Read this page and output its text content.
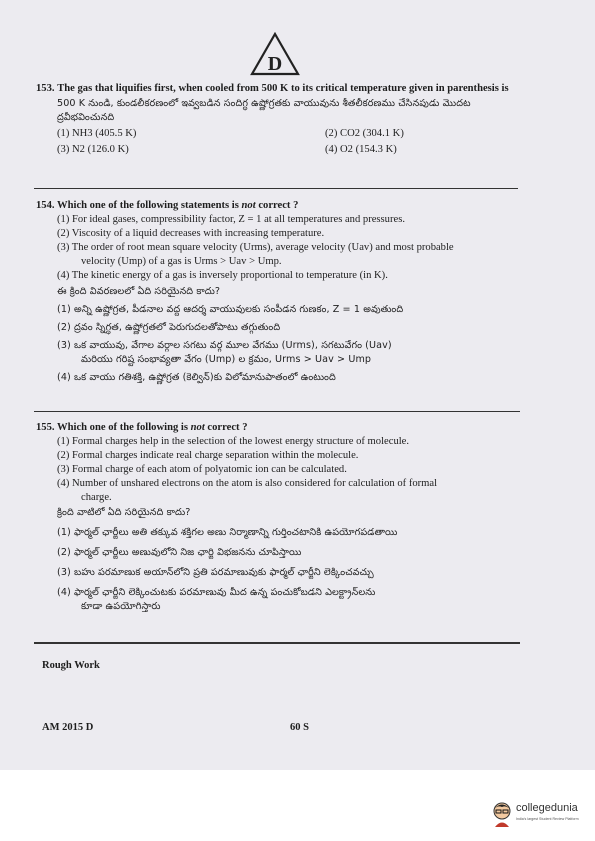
D
153. The gas that liquifies first, when cooled from 500 K to its critical temperature given in parenthesis is
500 K నుండి, కుండలీకరణంలో ఇవ్వబడిన సందిగ్ధ ఉష్ణోగ్రతకు వాయువును శీతలీకరణము చేసినపుడు మొదట ద్రవీభవించునది
(1) NH3 (405.5 K)	(2) CO2 (304.1 K)
(3) N2 (126.0 K)	(4) O2 (154.3 K)
154. Which one of the following statements is not correct ?
(1) For ideal gases, compressibility factor, Z = 1 at all temperatures and pressures.
(2) Viscosity of a liquid decreases with increasing temperature.
(3) The order of root mean square velocity (Urms), average velocity (Uav) and most probable
velocity (Ump) of a gas is Urms > Uav > Ump.
(4) The kinetic energy of a gas is inversely proportional to temperature (in K).
ఈ క్రింది వివరణలలో ఏది సరియైనది కాదు?
(1) అన్ని ఉష్ణోగ్రత, పీడనాల వద్ద ఆదర్శ వాయువులకు సంపీడన గుణకం, Z = 1 అవుతుంది
(2) ద్రవం స్నిగ్ధత, ఉష్ణోగ్రతలో పెరుగుదలతోపాటు తగ్గుతుంది
(3) ఒక వాయువు, వేగాల వర్గాల సగటు వర్గ మూల వేగము (Urms), సగటువేగం (Uav)
మరియు గరిష్ట సంభావ్యతా వేగం (Ump) ల క్రమం, Urms > Uav > Ump
(4) ఒక వాయు గతిశక్తి, ఉష్ణోగ్రత (కెల్విన్)కు విలోమానుపాతంలో ఉంటుంది
155. Which one of the following is not correct ?
(1) Formal charges help in the selection of the lowest energy structure of molecule.
(2) Formal charges indicate real charge separation within the molecule.
(3) Formal charge of each atom of polyatomic ion can be calculated.
(4) Number of unshared electrons on the atom is also considered for calculation of formal
charge.
క్రింది వాటిలో ఏది సరియైనది కాదు?
(1) ఫార్మల్ ఛార్జీలు అతి తక్కువ శక్తిగల అణు నిర్మాణాన్ని గుర్తించటానికి ఉపయోగపడతాయి
(2) ఫార్మల్ ఛార్జీలు అణువులోని నిజ ఛార్జి విభజనను చూపిస్తాయి
(3) బహు పరమాణుక అయాన్‌లోని ప్రతి పరమాణువుకు ఫార్మల్ ఛార్జీని లెక్కించవచ్చు
(4) ఫార్మల్ ఛార్జీని లెక్కించుటకు పరమాణువు మీద ఉన్న పంచుకోబడని ఎలక్ట్రాన్‌లను
కూడా ఉపయోగిస్తారు
Rough Work
AM 2015 D	60 S
collegedunia
India's largest Student Review Platform
